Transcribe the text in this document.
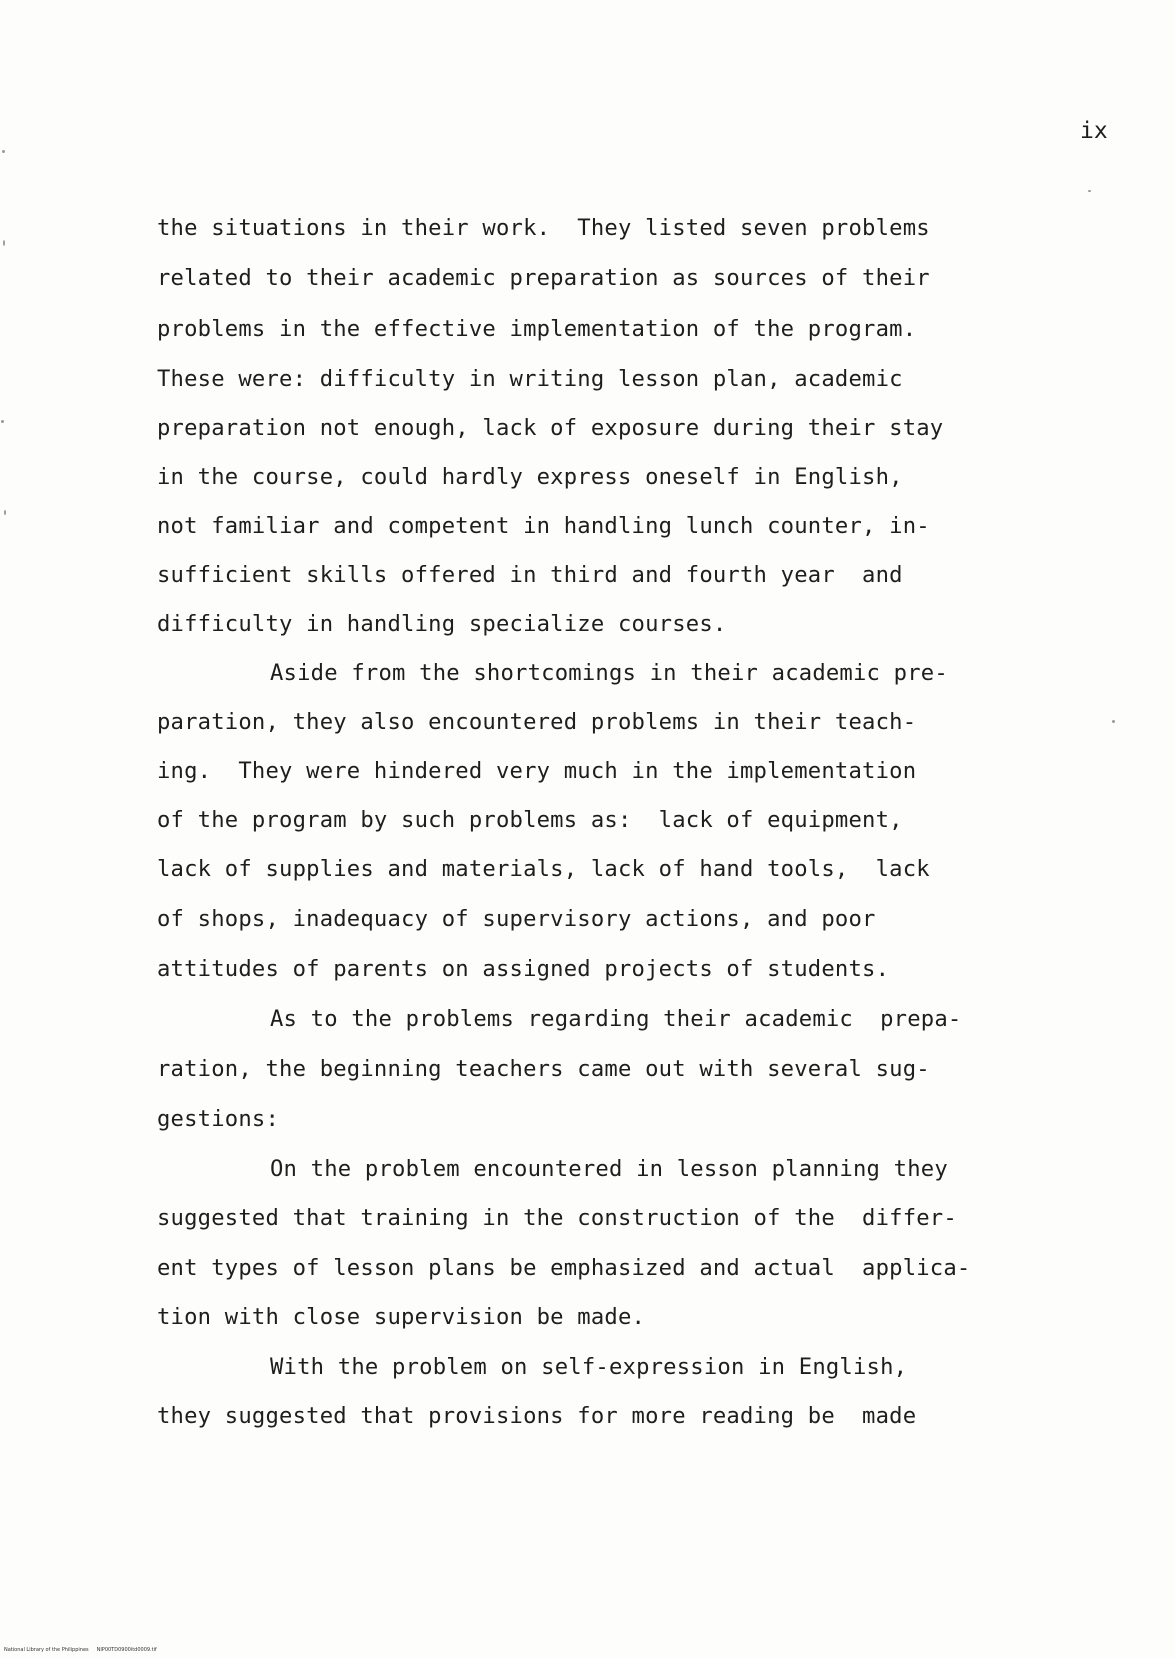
ix
the situations in their work.  They listed seven problems
related to their academic preparation as sources of their
problems in the effective implementation of the program.
These were: difficulty in writing lesson plan, academic
preparation not enough, lack of exposure during their stay
in the course, could hardly express oneself in English,
not familiar and competent in handling lunch counter, in-
sufficient skills offered in third and fourth year  and
difficulty in handling specialize courses.
Aside from the shortcomings in their academic pre-
paration, they also encountered problems in their teach-
ing.  They were hindered very much in the implementation
of the program by such problems as:  lack of equipment,
lack of supplies and materials, lack of hand tools,  lack
of shops, inadequacy of supervisory actions, and poor
attitudes of parents on assigned projects of students.
As to the problems regarding their academic  prepa-
ration, the beginning teachers came out with several sug-
gestions:
On the problem encountered in lesson planning they
suggested that training in the construction of the  differ-
ent types of lesson plans be emphasized and actual  applica-
tion with close supervision be made.
With the problem on self-expression in English,
they suggested that provisions for more reading be  made
National Library of the Philippines     NIP00TD0900itd0009.tif
